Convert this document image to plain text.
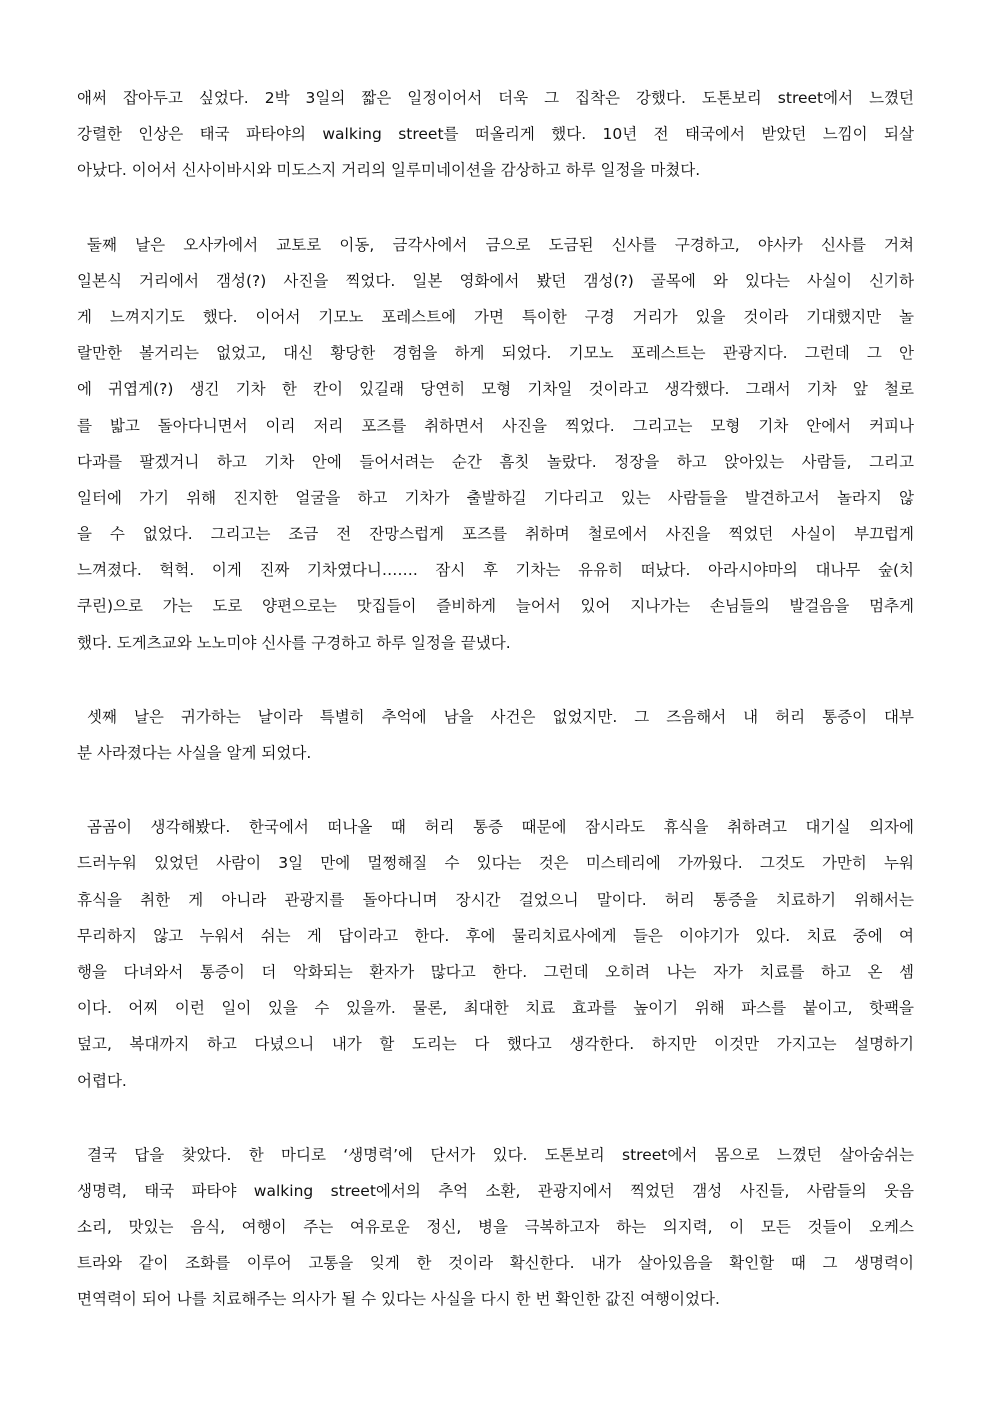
애써 잡아두고 싶었다. 2박 3일의 짧은 일정이어서 더욱 그 집착은 강했다. 도톤보리 street에서 느꼈던
강렬한 인상은 태국 파타야의 walking street를 떠올리게 했다. 10년 전 태국에서 받았던 느낌이 되살
아났다. 이어서 신사이바시와 미도스지 거리의 일루미네이션을 감상하고 하루 일정을 마쳤다.
둘째 날은 오사카에서 교토로 이동, 금각사에서 금으로 도금된 신사를 구경하고, 야사카 신사를 거쳐
일본식 거리에서 갬성(?) 사진을 찍었다. 일본 영화에서 봤던 갬성(?) 골목에 와 있다는 사실이 신기하
게 느껴지기도 했다. 이어서 기모노 포레스트에 가면 특이한 구경 거리가 있을 것이라 기대했지만 놀
랄만한 볼거리는 없었고, 대신 황당한 경험을 하게 되었다. 기모노 포레스트는 관광지다. 그런데 그 안
에 귀엽게(?) 생긴 기차 한 칸이 있길래 당연히 모형 기차일 것이라고 생각했다. 그래서 기차 앞 철로
를 밟고 돌아다니면서 이리 저리 포즈를 취하면서 사진을 찍었다. 그리고는 모형 기차 안에서 커피나
다과를 팔겠거니 하고 기차 안에 들어서려는 순간 흠칫 놀랐다. 정장을 하고 앉아있는 사람들, 그리고
일터에 가기 위해 진지한 얼굴을 하고 기차가 출발하길 기다리고 있는 사람들을 발견하고서 놀라지 않
을 수 없었다. 그리고는 조금 전 잔망스럽게 포즈를 취하며 철로에서 사진을 찍었던 사실이 부끄럽게
느껴졌다. 헉헉. 이게 진짜 기차였다니……. 잠시 후 기차는 유유히 떠났다. 아라시야마의 대나무 숲(치
쿠린)으로 가는 도로 양편으로는 맛집들이 즐비하게 늘어서 있어 지나가는 손님들의 발걸음을 멈추게
했다. 도게츠교와 노노미야 신사를 구경하고 하루 일정을 끝냈다.
셋째 날은 귀가하는 날이라 특별히 추억에 남을 사건은 없었지만. 그 즈음해서 내 허리 통증이 대부
분 사라졌다는 사실을 알게 되었다.
곰곰이 생각해봤다. 한국에서 떠나올 때 허리 통증 때문에 잠시라도 휴식을 취하려고 대기실 의자에
드러누워 있었던 사람이 3일 만에 멀쩡해질 수 있다는 것은 미스테리에 가까웠다. 그것도 가만히 누워
휴식을 취한 게 아니라 관광지를 돌아다니며 장시간 걸었으니 말이다. 허리 통증을 치료하기 위해서는
무리하지 않고 누워서 쉬는 게 답이라고 한다. 후에 물리치료사에게 들은 이야기가 있다. 치료 중에 여
행을 다녀와서 통증이 더 악화되는 환자가 많다고 한다. 그런데 오히려 나는 자가 치료를 하고 온 셈
이다. 어찌 이런 일이 있을 수 있을까. 물론, 최대한 치료 효과를 높이기 위해 파스를 붙이고, 핫팩을
덮고, 복대까지 하고 다녔으니 내가 할 도리는 다 했다고 생각한다. 하지만 이것만 가지고는 설명하기
어렵다.
결국 답을 찾았다. 한 마디로 ‘생명력’에 단서가 있다. 도톤보리 street에서 몸으로 느꼈던 살아숨쉬는
생명력, 태국 파타야 walking street에서의 추억 소환, 관광지에서 찍었던 갬성 사진들, 사람들의 웃음
소리, 맛있는 음식, 여행이 주는 여유로운 정신, 병을 극복하고자 하는 의지력, 이 모든 것들이 오케스
트라와 같이 조화를 이루어 고통을 잊게 한 것이라 확신한다. 내가 살아있음을 확인할 때 그 생명력이
면역력이 되어 나를 치료해주는 의사가 될 수 있다는 사실을 다시 한 번 확인한 값진 여행이었다.
